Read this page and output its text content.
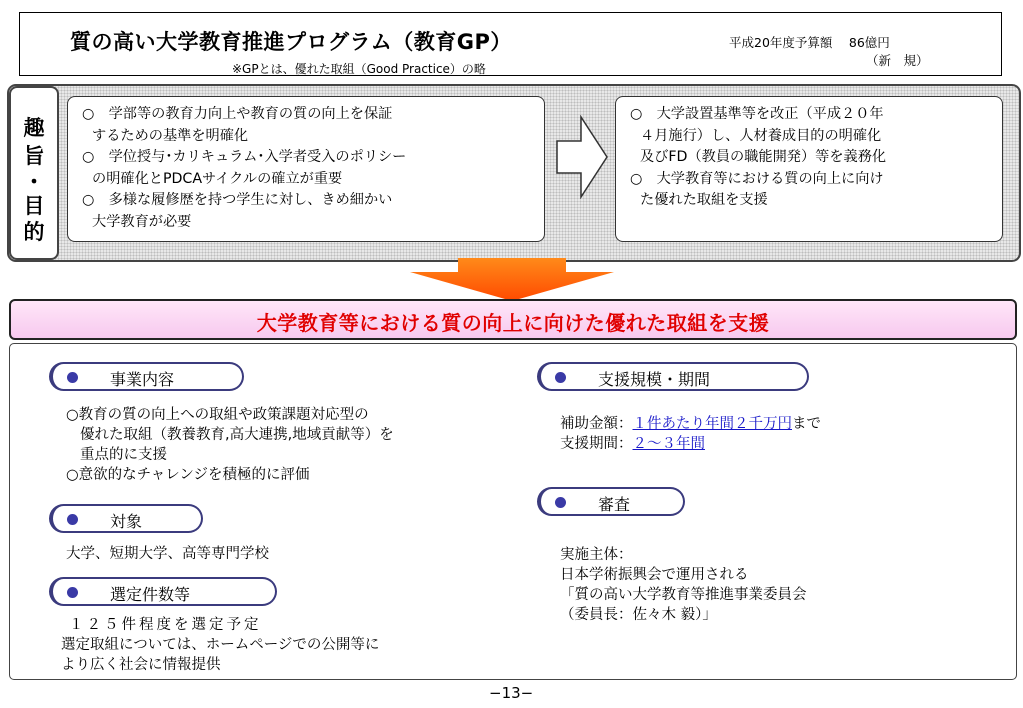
質の高い大学教育推進プログラム（教育GP）
※GPとは、優れた取組（Good Practice）の略
平成20年度予算額　 86億円
（新　規）
趣
旨
・
目
的
○　学部等の教育力向上や教育の質の向上を保証
するための基準を明確化
○　学位授与･カリキュラム･入学者受入のポリシー
の明確化とPDCAサイクルの確立が重要
○　多様な履修歴を持つ学生に対し、きめ細かい
大学教育が必要
○　大学設置基準等を改正（平成２０年
４月施行）し、人材養成目的の明確化
及びFD（教員の職能開発）等を義務化
○　大学教育等における質の向上に向け
た優れた取組を支援
大学教育等における質の向上に向けた優れた取組を支援
事業内容
○教育の質の向上への取組や政策課題対応型の
優れた取組（教養教育,高大連携,地域貢献等）を
重点的に支援
○意欲的なチャレンジを積極的に評価
対象
大学、短期大学、高等専門学校
選定件数等
１２５件程度を選定予定
選定取組については、ホームページでの公開等に
より広く社会に情報提供
支援規模・期間
補助金額：１件あたり年間２千万円まで
支援期間：２～３年間
審査
実施主体：
日本学術振興会で運用される
「質の高い大学教育等推進事業委員会
（委員長：佐々木 毅）」
−13−
